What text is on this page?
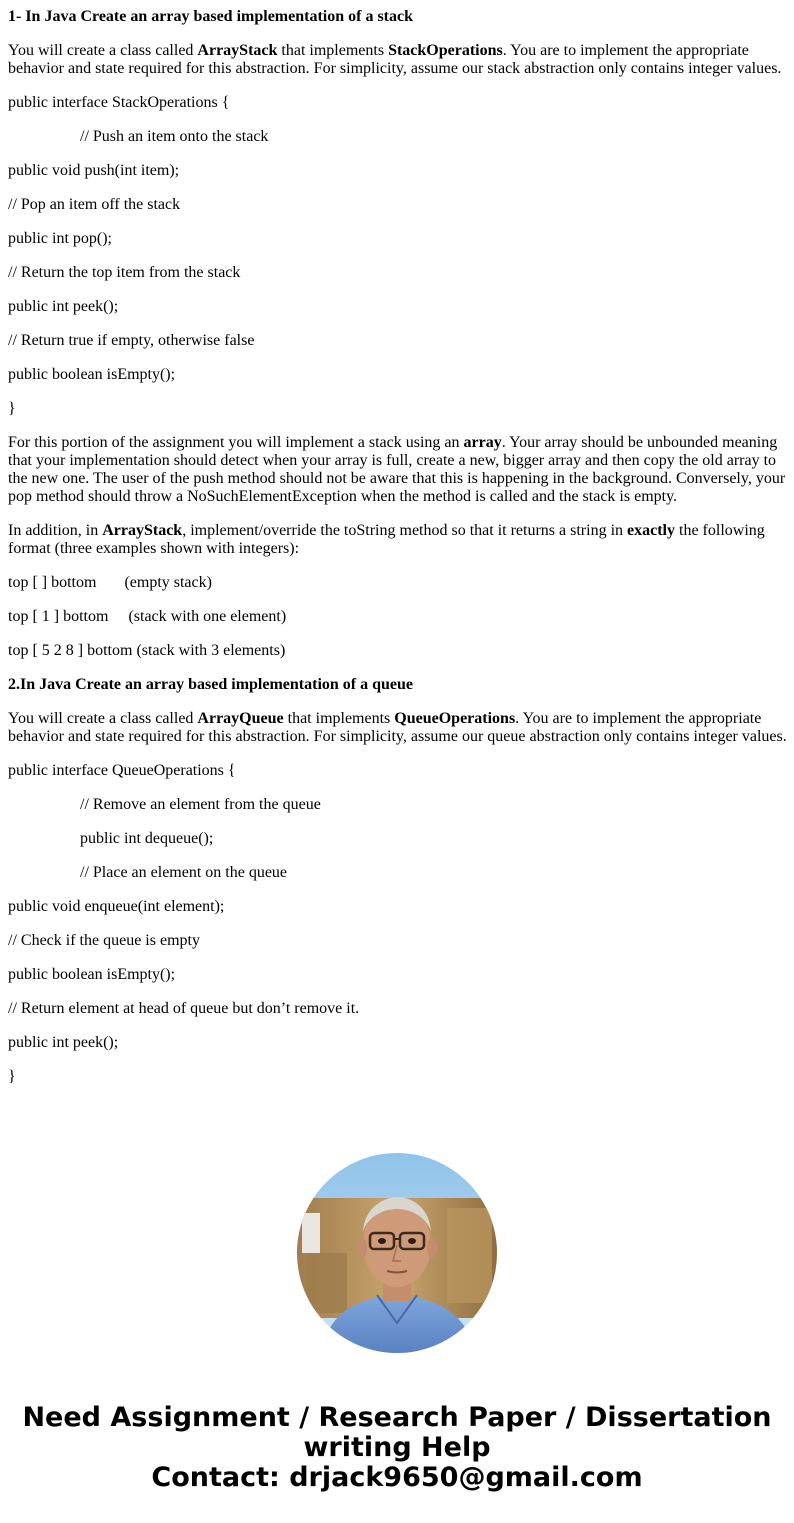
1- In Java Create an array based implementation of a stack

You will create a class called ArrayStack that implements StackOperations. You are to implement the appropriate behavior and state required for this abstraction. For simplicity, assume our stack abstraction only contains integer values.

public interface StackOperations {

// Push an item onto the stack

public void push(int item);

// Pop an item off the stack

public int pop();

// Return the top item from the stack

public int peek();

// Return true if empty, otherwise false

public boolean isEmpty();

}

For this portion of the assignment you will implement a stack using an array. Your array should be unbounded meaning that your implementation should detect when your array is full, create a new, bigger array and then copy the old array to the new one. The user of the push method should not be aware that this is happening in the background. Conversely, your pop method should throw a NoSuchElementException when the method is called and the stack is empty.

In addition, in ArrayStack, implement/override the toString method so that it returns a string in exactly the following format (three examples shown with integers):

top [ ] bottom       (empty stack)

top [ 1 ] bottom     (stack with one element)

top [ 5 2 8 ] bottom (stack with 3 elements)

2.In Java Create an array based implementation of a queue

You will create a class called ArrayQueue that implements QueueOperations. You are to implement the appropriate behavior and state required for this abstraction. For simplicity, assume our queue abstraction only contains integer values.

public interface QueueOperations {

// Remove an element from the queue

public int dequeue();

// Place an element on the queue

public void enqueue(int element);

// Check if the queue is empty

public boolean isEmpty();

// Return element at head of queue but don’t remove it.

public int peek();

}

Need Assignment / Research Paper / Dissertation
writing Help
Contact: drjack9650@gmail.com
